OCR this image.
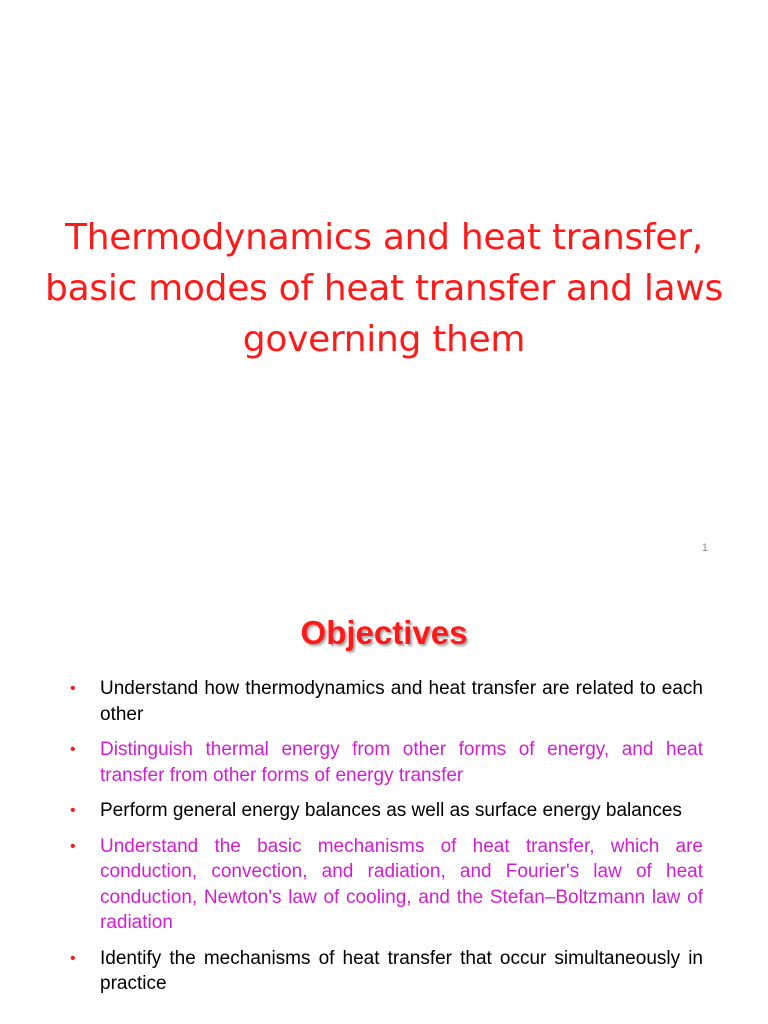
Thermodynamics and heat transfer, basic modes of heat transfer and laws governing them
1
Objectives
• Understand how thermodynamics and heat transfer are related to each other
• Distinguish thermal energy from other forms of energy, and heat transfer from other forms of energy transfer
• Perform general energy balances as well as surface energy balances
• Understand the basic mechanisms of heat transfer, which are conduction, convection, and radiation, and Fourier's law of heat conduction, Newton's law of cooling, and the Stefan–Boltzmann law of radiation
• Identify the mechanisms of heat transfer that occur simultaneously in practice
